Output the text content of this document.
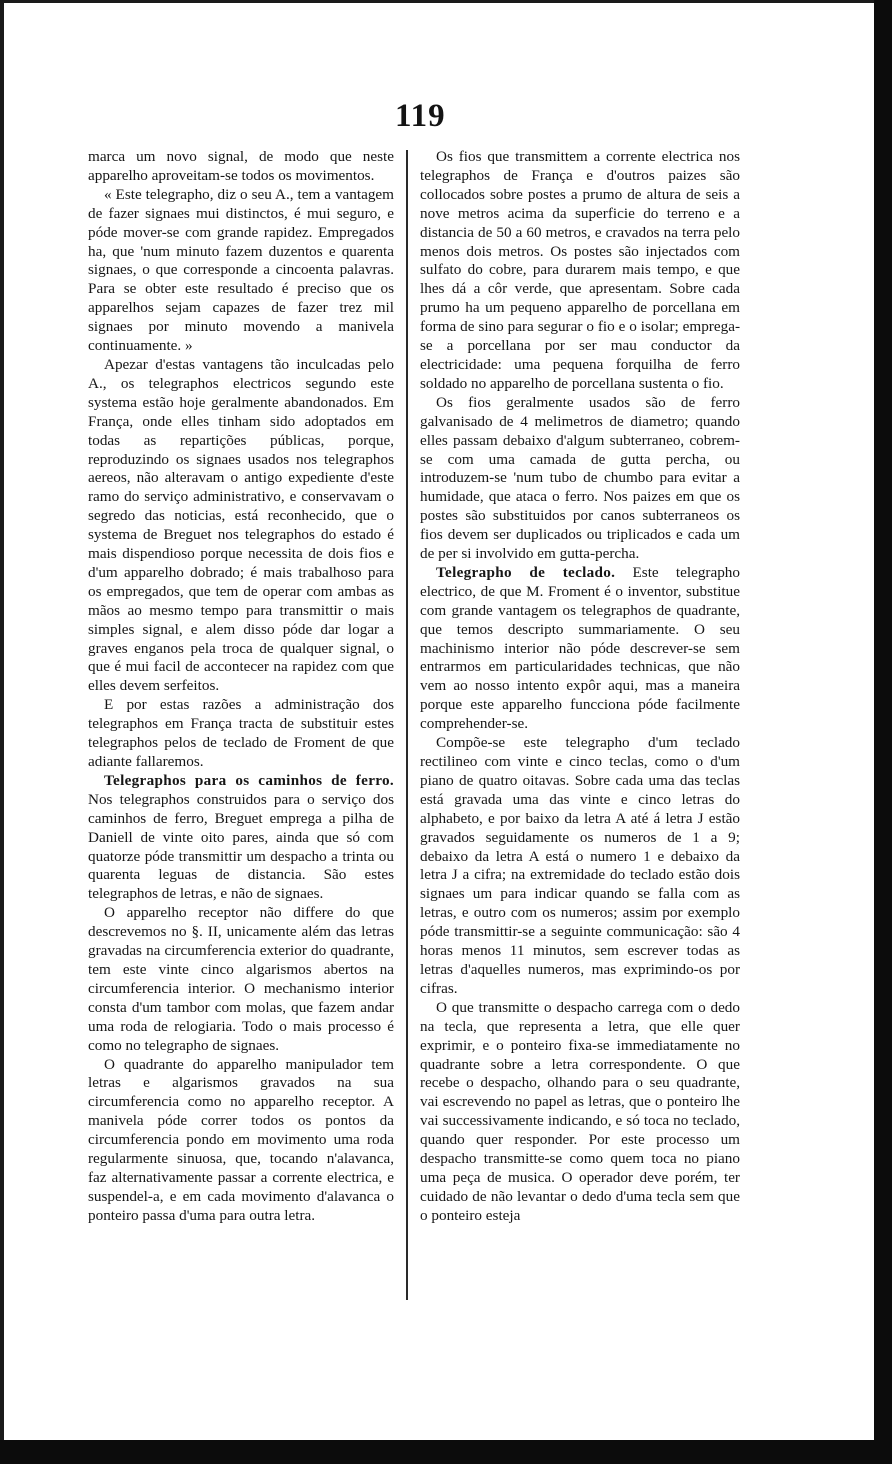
119

marca um novo signal, de modo que neste apparelho aproveitam-se todos os movimentos.

« Este telegrapho, diz o seu A., tem a vantagem de fazer signaes mui distinctos, é mui seguro, e póde mover-se com grande rapidez. Empregados ha, que 'num minuto fazem duzentos e quarenta signaes, o que corresponde a cincoenta palavras. Para se obter este resultado é preciso que os apparelhos sejam capazes de fazer trez mil signaes por minuto movendo a manivela continuamente. »

Apezar d'estas vantagens tão inculcadas pelo A., os telegraphos electricos segundo este systema estão hoje geralmente abandonados. Em França, onde elles tinham sido adoptados em todas as repartições públicas, porque, reproduzindo os signaes usados nos telegraphos aereos, não alteravam o antigo expediente d'este ramo do serviço administrativo, e conservavam o segredo das noticias, está reconhecido, que o systema de Breguet nos telegraphos do estado é mais dispendioso porque necessita de dois fios e d'um apparelho dobrado; é mais trabalhoso para os empregados, que tem de operar com ambas as mãos ao mesmo tempo para transmittir o mais simples signal, e alem disso póde dar logar a graves enganos pela troca de qualquer signal, o que é mui facil de accontecer na rapidez com que elles devem serfeitos.

E por estas razões a administração dos telegraphos em França tracta de substituir estes telegraphos pelos de teclado de Froment de que adiante fallaremos.

Telegraphos para os caminhos de ferro. Nos telegraphos construidos para o serviço dos caminhos de ferro, Breguet emprega a pilha de Daniell de vinte oito pares, ainda que só com quatorze póde transmittir um despacho a trinta ou quarenta leguas de distancia. São estes telegraphos de letras, e não de signaes.

O apparelho receptor não differe do que descrevemos no §. II, unicamente além das letras gravadas na circumferencia exterior do quadrante, tem este vinte cinco algarismos abertos na circumferencia interior. O mechanismo interior consta d'um tambor com molas, que fazem andar uma roda de relogiaria. Todo o mais processo é como no telegrapho de signaes.

O quadrante do apparelho manipulador tem letras e algarismos gravados na sua circumferencia como no apparelho receptor. A manivela póde correr todos os pontos da circumferencia pondo em movimento uma roda regularmente sinuosa, que, tocando n'alavanca, faz alternativamente passar a corrente electrica, e suspendel-a, e em cada movimento d'alavanca o ponteiro passa d'uma para outra letra.

Os fios que transmittem a corrente electrica nos telegraphos de França e d'outros paizes são collocados sobre postes a prumo de altura de seis a nove metros acima da superficie do terreno e a distancia de 50 a 60 metros, e cravados na terra pelo menos dois metros. Os postes são injectados com sulfato do cobre, para durarem mais tempo, e que lhes dá a côr verde, que apresentam. Sobre cada prumo ha um pequeno apparelho de porcellana em forma de sino para segurar o fio e o isolar; emprega-se a porcellana por ser mau conductor da electricidade: uma pequena forquilha de ferro soldado no apparelho de porcellana sustenta o fio.

Os fios geralmente usados são de ferro galvanisado de 4 melimetros de diametro; quando elles passam debaixo d'algum subterraneo, cobrem-se com uma camada de gutta percha, ou introduzem-se 'num tubo de chumbo para evitar a humidade, que ataca o ferro. Nos paizes em que os postes são substituidos por canos subterraneos os fios devem ser duplicados ou triplicados e cada um de per si involvido em gutta-percha.

Telegrapho de teclado. Este telegrapho electrico, de que M. Froment é o inventor, substitue com grande vantagem os telegraphos de quadrante, que temos descripto summariamente. O seu machinismo interior não póde descrever-se sem entrarmos em particularidades technicas, que não vem ao nosso intento expôr aqui, mas a maneira porque este apparelho funcciona póde facilmente comprehender-se.

Compõe-se este telegrapho d'um teclado rectilineo com vinte e cinco teclas, como o d'um piano de quatro oitavas. Sobre cada uma das teclas está gravada uma das vinte e cinco letras do alphabeto, e por baixo da letra A até á letra J estão gravados seguidamente os numeros de 1 a 9; debaixo da letra A está o numero 1 e debaixo da letra J a cifra; na extremidade do teclado estão dois signaes um para indicar quando se falla com as letras, e outro com os numeros; assim por exemplo póde transmittir-se a seguinte communicação: são 4 horas menos 11 minutos, sem escrever todas as letras d'aquelles numeros, mas exprimindo-os por cifras.

O que transmitte o despacho carrega com o dedo na tecla, que representa a letra, que elle quer exprimir, e o ponteiro fixa-se immediatamente no quadrante sobre a letra correspondente. O que recebe o despacho, olhando para o seu quadrante, vai escrevendo no papel as letras, que o ponteiro lhe vai successivamente indicando, e só toca no teclado, quando quer responder. Por este processo um despacho transmitte-se como quem toca no piano uma peça de musica. O operador deve porém, ter cuidado de não levantar o dedo d'uma tecla sem que o ponteiro esteja
